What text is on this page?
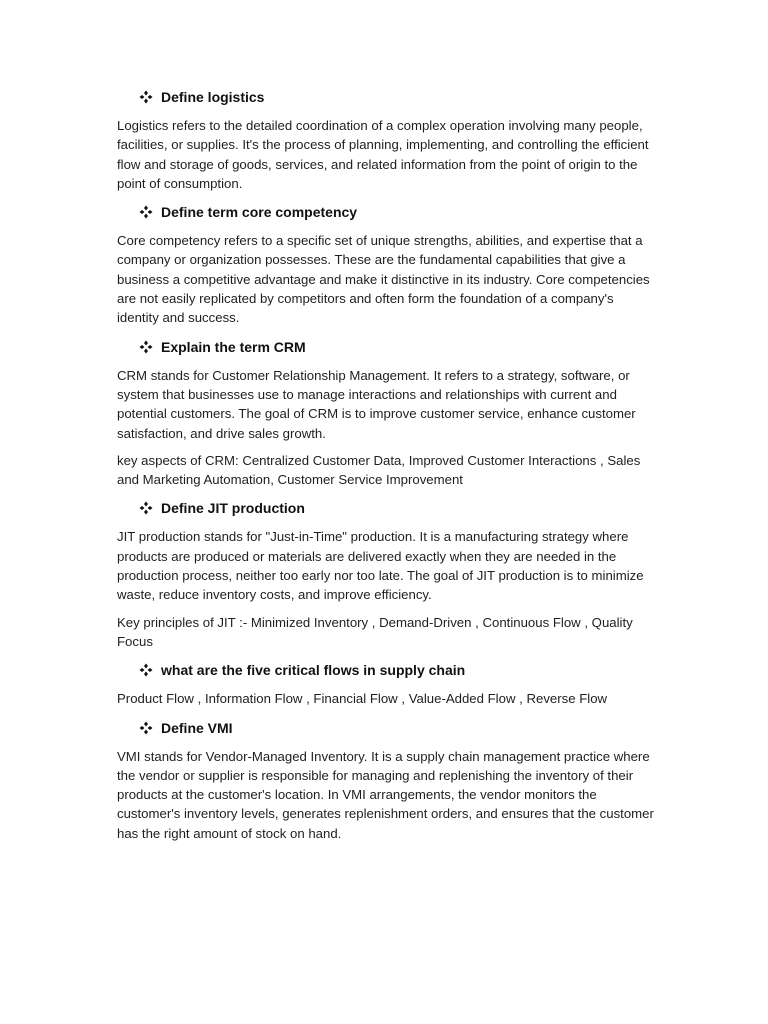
Define logistics

Logistics refers to the detailed coordination of a complex operation involving many people, facilities, or supplies. It's the process of planning, implementing, and controlling the efficient flow and storage of goods, services, and related information from the point of origin to the point of consumption.

Define term core competency

Core competency refers to a specific set of unique strengths, abilities, and expertise that a company or organization possesses. These are the fundamental capabilities that give a business a competitive advantage and make it distinctive in its industry. Core competencies are not easily replicated by competitors and often form the foundation of a company's identity and success.

Explain the term CRM

CRM stands for Customer Relationship Management. It refers to a strategy, software, or system that businesses use to manage interactions and relationships with current and potential customers. The goal of CRM is to improve customer service, enhance customer satisfaction, and drive sales growth.

key aspects of CRM: Centralized Customer Data, Improved Customer Interactions , Sales and Marketing Automation, Customer Service Improvement

Define JIT production

JIT production stands for "Just-in-Time" production. It is a manufacturing strategy where products are produced or materials are delivered exactly when they are needed in the production process, neither too early nor too late. The goal of JIT production is to minimize waste, reduce inventory costs, and improve efficiency.

Key principles of JIT :- Minimized Inventory , Demand-Driven , Continuous Flow , Quality Focus

what are the five critical flows in supply chain

Product Flow , Information Flow , Financial Flow , Value-Added Flow , Reverse Flow

Define VMI

VMI stands for Vendor-Managed Inventory. It is a supply chain management practice where the vendor or supplier is responsible for managing and replenishing the inventory of their products at the customer's location. In VMI arrangements, the vendor monitors the customer's inventory levels, generates replenishment orders, and ensures that the customer has the right amount of stock on hand.
